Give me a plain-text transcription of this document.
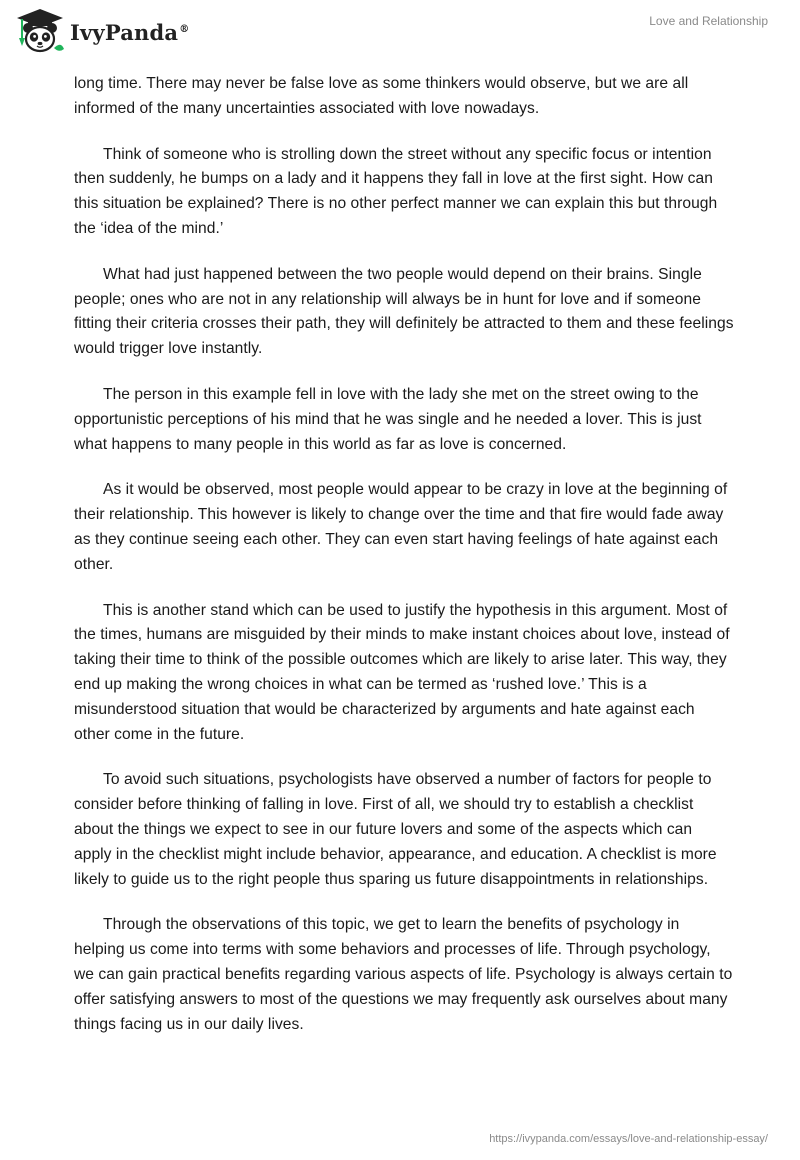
IvyPanda®
Love and Relationship

long time. There may never be false love as some thinkers would observe, but we are all informed of the many uncertainties associated with love nowadays.

Think of someone who is strolling down the street without any specific focus or intention then suddenly, he bumps on a lady and it happens they fall in love at the first sight. How can this situation be explained? There is no other perfect manner we can explain this but through the ‘idea of the mind.’

What had just happened between the two people would depend on their brains. Single people; ones who are not in any relationship will always be in hunt for love and if someone fitting their criteria crosses their path, they will definitely be attracted to them and these feelings would trigger love instantly.

The person in this example fell in love with the lady she met on the street owing to the opportunistic perceptions of his mind that he was single and he needed a lover. This is just what happens to many people in this world as far as love is concerned.

As it would be observed, most people would appear to be crazy in love at the beginning of their relationship. This however is likely to change over the time and that fire would fade away as they continue seeing each other. They can even start having feelings of hate against each other.

This is another stand which can be used to justify the hypothesis in this argument. Most of the times, humans are misguided by their minds to make instant choices about love, instead of taking their time to think of the possible outcomes which are likely to arise later. This way, they end up making the wrong choices in what can be termed as ‘rushed love.’ This is a misunderstood situation that would be characterized by arguments and hate against each other come in the future.

To avoid such situations, psychologists have observed a number of factors for people to consider before thinking of falling in love. First of all, we should try to establish a checklist about the things we expect to see in our future lovers and some of the aspects which can apply in the checklist might include behavior, appearance, and education. A checklist is more likely to guide us to the right people thus sparing us future disappointments in relationships.

Through the observations of this topic, we get to learn the benefits of psychology in helping us come into terms with some behaviors and processes of life. Through psychology, we can gain practical benefits regarding various aspects of life. Psychology is always certain to offer satisfying answers to most of the questions we may frequently ask ourselves about many things facing us in our daily lives.

https://ivypanda.com/essays/love-and-relationship-essay/
